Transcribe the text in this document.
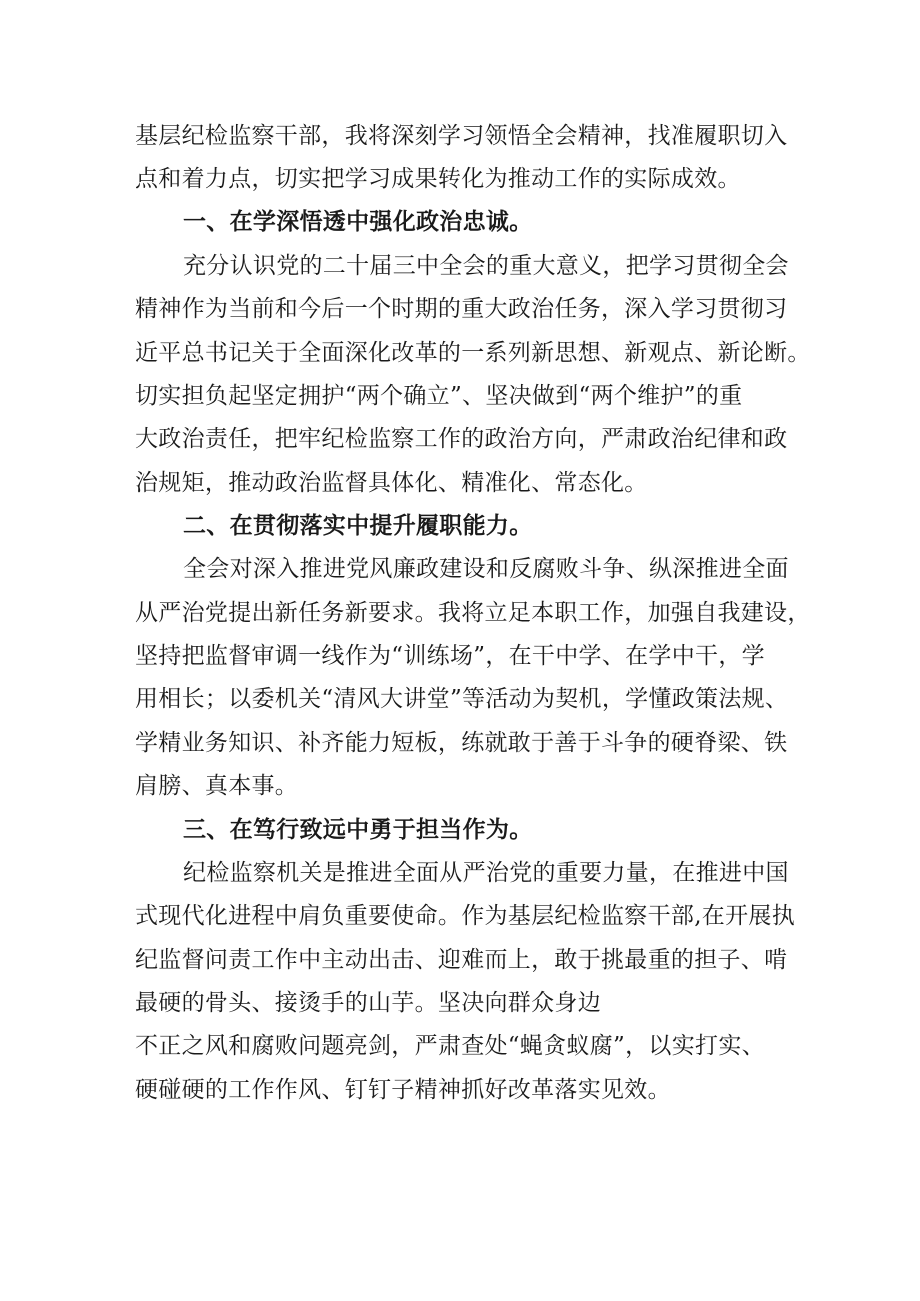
基层纪检监察干部，我将深刻学习领悟全会精神，找准履职切入
点和着力点，切实把学习成果转化为推动工作的实际成效。
一、在学深悟透中强化政治忠诚。
充分认识党的二十届三中全会的重大意义，把学习贯彻全会
精神作为当前和今后一个时期的重大政治任务，深入学习贯彻习
近平总书记关于全面深化改革的一系列新思想、新观点、新论断。
切实担负起坚定拥护“两个确立”、坚决做到“两个维护”的重
大政治责任，把牢纪检监察工作的政治方向，严肃政治纪律和政
治规矩，推动政治监督具体化、精准化、常态化。
二、在贯彻落实中提升履职能力。
全会对深入推进党风廉政建设和反腐败斗争、纵深推进全面
从严治党提出新任务新要求。我将立足本职工作，加强自我建设，
坚持把监督审调一线作为“训练场”，在干中学、在学中干，学
用相长；以委机关“清风大讲堂”等活动为契机，学懂政策法规、
学精业务知识、补齐能力短板，练就敢于善于斗争的硬脊梁、铁
肩膀、真本事。
三、在笃行致远中勇于担当作为。
纪检监察机关是推进全面从严治党的重要力量，在推进中国
式现代化进程中肩负重要使命。作为基层纪检监察干部,在开展执
纪监督问责工作中主动出击、迎难而上，敢于挑最重的担子、啃
最硬的骨头、接烫手的山芋。坚决向群众身边
不正之风和腐败问题亮剑，严肃查处“蝇贪蚁腐”，以实打实、
硬碰硬的工作作风、钉钉子精神抓好改革落实见效。
